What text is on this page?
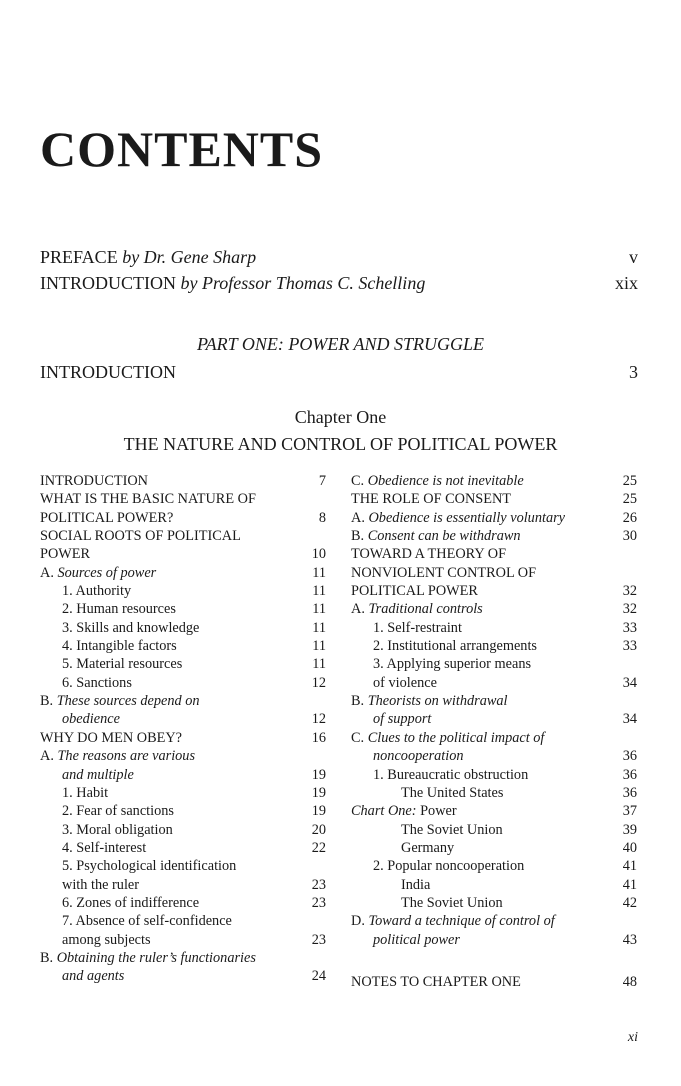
CONTENTS
PREFACE by Dr. Gene Sharp	v
INTRODUCTION by Professor Thomas C. Schelling	xix
PART ONE: POWER AND STRUGGLE
INTRODUCTION	3
Chapter One
THE NATURE AND CONTROL OF POLITICAL POWER
INTRODUCTION	7
WHAT IS THE BASIC NATURE OF
POLITICAL POWER?	8
SOCIAL ROOTS OF POLITICAL
POWER	10
A. Sources of power	11
1. Authority	11
2. Human resources	11
3. Skills and knowledge	11
4. Intangible factors	11
5. Material resources	11
6. Sanctions	12
B. These sources depend on
obedience	12
WHY DO MEN OBEY?	16
A. The reasons are various
and multiple	19
1. Habit	19
2. Fear of sanctions	19
3. Moral obligation	20
4. Self-interest	22
5. Psychological identification
with the ruler	23
6. Zones of indifference	23
7. Absence of self-confidence
among subjects	23
B. Obtaining the ruler’s functionaries
and agents	24
C. Obedience is not inevitable	25
THE ROLE OF CONSENT	25
A. Obedience is essentially voluntary	26
B. Consent can be withdrawn	30
TOWARD A THEORY OF
NONVIOLENT CONTROL OF
POLITICAL POWER	32
A. Traditional controls	32
1. Self-restraint	33
2. Institutional arrangements	33
3. Applying superior means
of violence	34
B. Theorists on withdrawal
of support	34
C. Clues to the political impact of
noncooperation	36
1. Bureaucratic obstruction	36
The United States	36
Chart One: Power	37
The Soviet Union	39
Germany	40
2. Popular noncooperation	41
India	41
The Soviet Union	42
D. Toward a technique of control of
political power	43
NOTES TO CHAPTER ONE	48
xi
